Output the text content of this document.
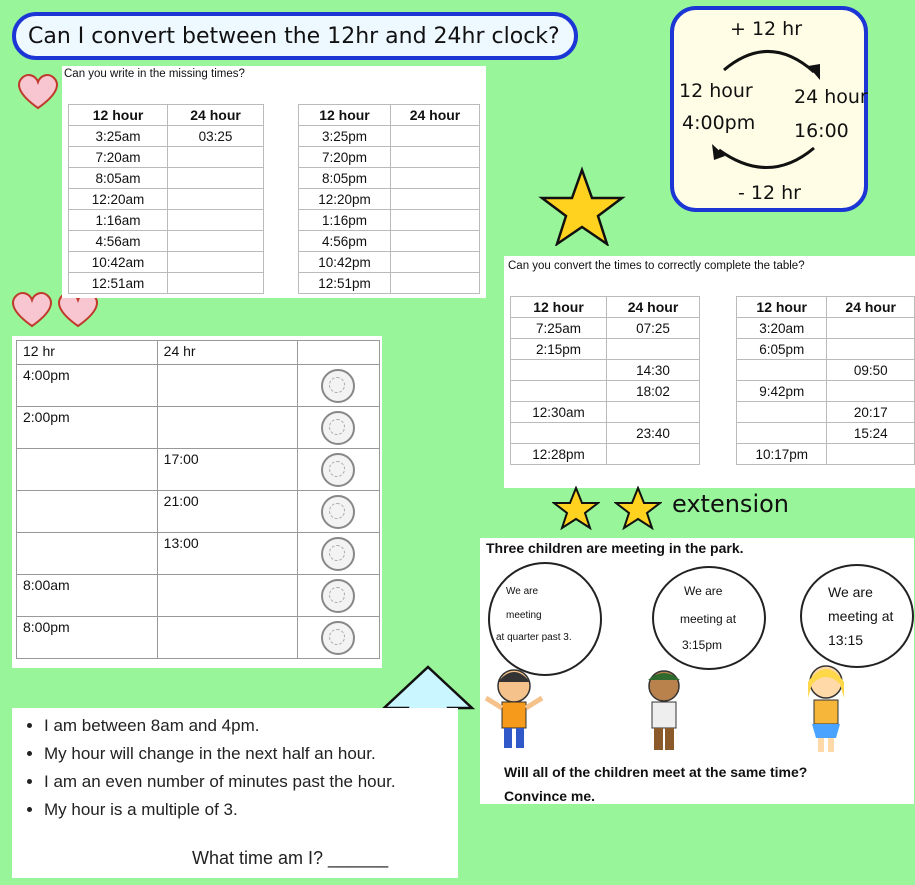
Can I convert between the 12hr and 24hr clock?	+ 12 hr
12 hour 24 hour
4:00pm 16:00
- 12 hr
Can you write in the missing times?
12 hour	24 hour
3:25am	03:25
7:20am	
8:05am	
12:20am	
1:16am	
4:56am	
10:42am	
12:51am	
12 hour	24 hour
3:25pm	
7:20pm	
8:05pm	
12:20pm	
1:16pm	
4:56pm	
10:42pm	
12:51pm	
Can you convert the times to correctly complete the table?
12 hour	24 hour
7:25am	07:25
2:15pm	
	14:30
	18:02
12:30am	
	23:40
12:28pm	
12 hour	24 hour
3:20am	
6:05pm	
	09:50
9:42pm	
	20:17
	15:24
10:17pm	
extension
12 hr	24 hr	
4:00pm		

2:00pm		

	17:00	

	21:00	

	13:00	

8:00am		

8:00pm		
• I am between 8am and 4pm.
• My hour will change in the next half an hour.
• I am an even number of minutes past the hour.
• My hour is a multiple of 3.
What time am I? ______
Three children are meeting in the park.
We are
meeting
at quarter past 3.
We are
meeting at
3:15pm
We are
meeting at
13:15
Will all of the children meet at the same time?
Convince me.
